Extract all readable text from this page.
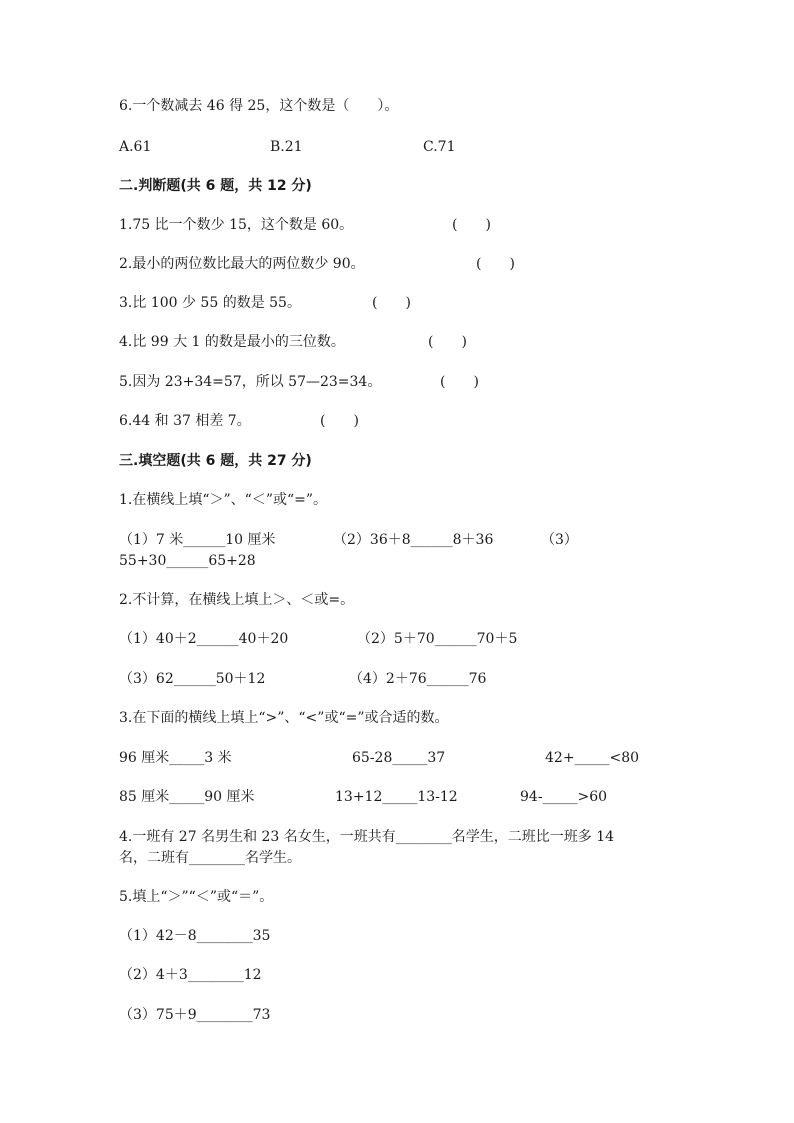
6.一个数减去 46 得 25，这个数是（　　）。
A.61	B.21	C.71
二.判断题(共 6 题，共 12 分)
1.75 比一个数少 15，这个数是 60。	(　　)
2.最小的两位数比最大的两位数少 90。	(　　)
3.比 100 少 55 的数是 55。	(　　)
4.比 99 大 1 的数是最小的三位数。	(　　)
5.因为 23+34=57，所以 57—23=34。	(　　)
6.44 和 37 相差 7。	(　　)
三.填空题(共 6 题，共 27 分)
1.在横线上填“＞”、“＜”或“=”。
（1）7 米______10 厘米	（2）36＋8______8＋36	（3）
55+30______65+28
2.不计算，在横线上填上＞、＜或=。
（1）40＋2______40＋20	（2）5＋70______70＋5
（3）62______50＋12	（4）2＋76______76
3.在下面的横线上填上“>”、“<”或“=”或合适的数。
96 厘米_____3 米	65-28_____37	42+_____<80
85 厘米_____90 厘米	13+12_____13-12	94-_____>60
4.一班有 27 名男生和 23 名女生，一班共有________名学生，二班比一班多 14
名，二班有________名学生。
5.填上“＞”“＜”或“＝”。
（1）42－8________35
（2）4＋3________12
（3）75＋9________73
